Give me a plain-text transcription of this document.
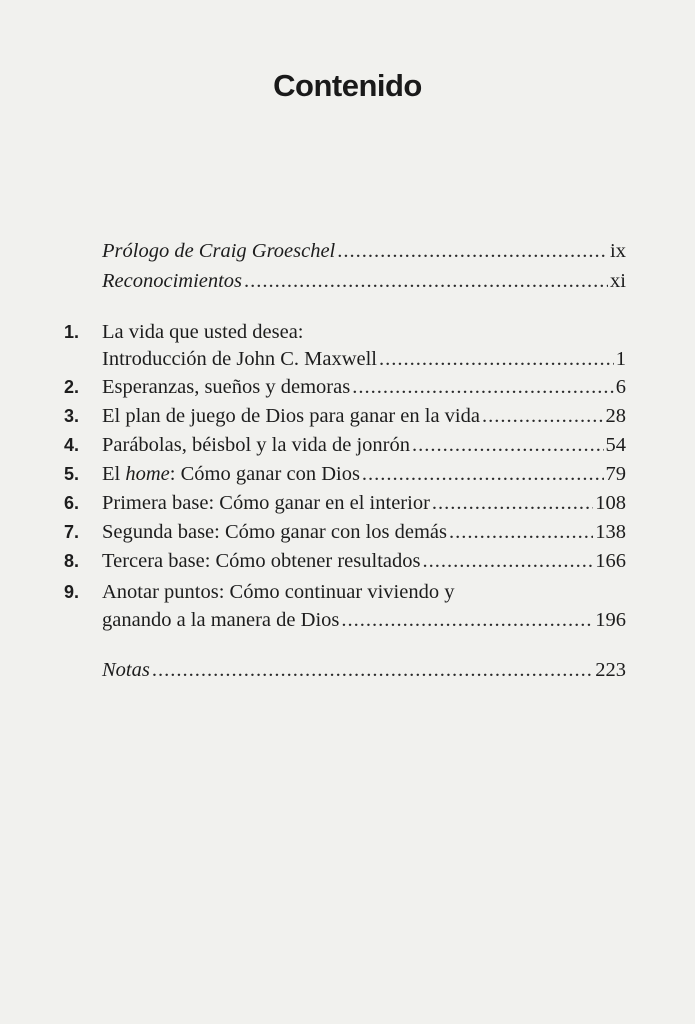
Contenido
Prólogo de Craig Groeschel .....	ix
Reconocimientos .....	xi
1.	La vida que usted desea:
Introducción de John C. Maxwell .....	1
2.	Esperanzas, sueños y demoras .....	6
3.	El plan de juego de Dios para ganar en la vida .....	28
4.	Parábolas, béisbol y la vida de jonrón .....	54
5.	El home: Cómo ganar con Dios .....	79
6.	Primera base: Cómo ganar en el interior .....	108
7.	Segunda base: Cómo ganar con los demás .....	138
8.	Tercera base: Cómo obtener resultados .....	166
9.	Anotar puntos: Cómo continuar viviendo y
ganando a la manera de Dios .....	196
Notas .....	223
